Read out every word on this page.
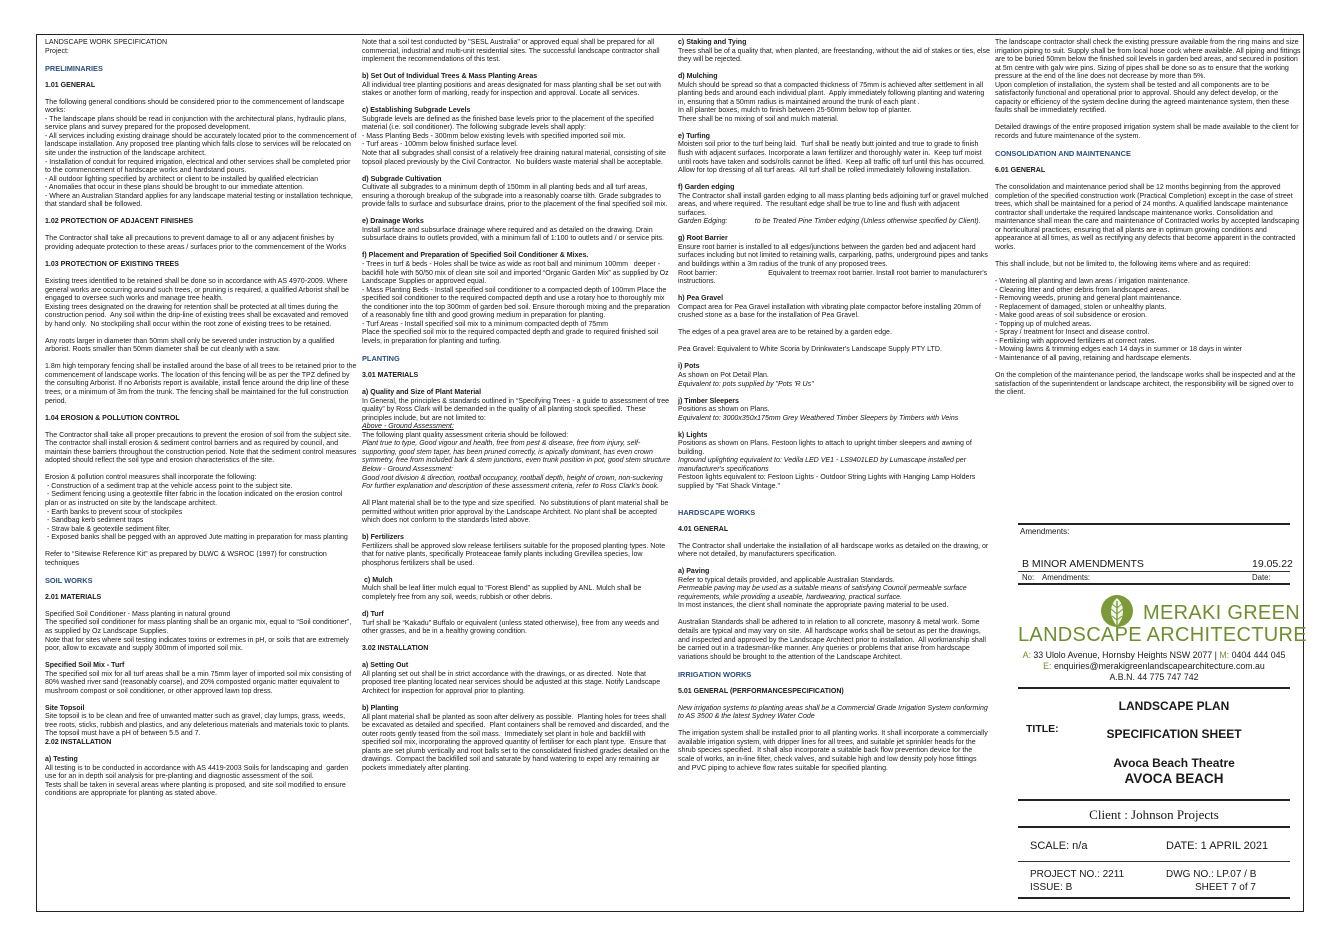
LANDSCAPE WORK SPECIFICATION

Project:

PRELIMINARIES

1.01 GENERAL

The following general conditions should be considered prior to the commencement of landscape works:

- The landscape plans should be read in conjunction with the architectural plans, hydraulic plans, service plans and survey prepared for the proposed development.

- All services including existing drainage should be accurately located prior to the commencement of landscape installation. Any proposed tree planting which falls close to services will be relocated on site under the instruction of the landscape architect.

- Installation of conduit for required irrigation, electrical and other services shall be completed prior to the commencement of hardscape works and hardstand pours.

- All outdoor lighting specified by architect or client to be installed by qualified electrician

- Anomalies that occur in these plans should be brought to our immediate attention.

- Where an Australian Standard applies for any landscape material testing or installation technique, that standard shall be followed.

1.02 PROTECTION OF ADJACENT FINISHES

The Contractor shall take all precautions to prevent damage to all or any adjacent finishes by providing adequate protection to these areas / surfaces prior to the commencement of the Works

1.03 PROTECTION OF EXISTING TREES

Existing trees identified to be retained shall be done so in accordance with AS 4970-2009. Where general works are occurring around such trees, or pruning is required, a qualified Arborist shall be engaged to oversee such works and manage tree health.

Existing trees designated on the drawing for retention shall be protected at all times during the construction period.  Any soil within the drip-line of existing trees shall be excavated and removed by hand only.  No stockpiling shall occur within the root zone of existing trees to be retained.

Any roots larger in diameter than 50mm shall only be severed under instruction by a qualified arborist. Roots smaller than 50mm diameter shall be cut cleanly with a saw.

1.8m high temporary fencing shall be installed around the base of all trees to be retained prior to the commencement of landscape works. The location of this fencing will be as per the TPZ defined by the consulting Arborist. If no Arborists report is available, install fence around the drip line of these trees, or a minimum of 3m from the trunk. The fencing shall be maintained for the full construction period.

1.04 EROSION & POLLUTION CONTROL

The Contractor shall take all proper precautions to prevent the erosion of soil from the subject site. The contractor shall install erosion & sediment control barriers and as required by council, and maintain these barriers throughout the construction period. Note that the sediment control measures adopted should reflect the soil type and erosion characteristics of the site.

Erosion & pollution control measures shall incorporate the following:

- Construction of a sediment trap at the vehicle access point to the subject site.

- Sediment fencing using a geotextile filter fabric in the location indicated on the erosion control plan or as instructed on site by the landscape architect.

- Earth banks to prevent scour of stockpiles

- Sandbag kerb sediment traps

- Straw bale & geotextile sediment filter.

- Exposed banks shall be pegged with an approved Jute matting in preparation for mass planting

Refer to “Sitewise Reference Kit” as prepared by DLWC & WSROC (1997) for construction techniques

SOIL WORKS

2.01 MATERIALS

Specified Soil Conditioner - Mass planting in natural ground

The specified soil conditioner for mass planting shall be an organic mix, equal to “Soil conditioner”, as supplied by Oz Landscape Supplies.

Note that for sites where soil testing indicates toxins or extremes in pH, or soils that are extremely poor, allow to excavate and supply 300mm of imported soil mix.

Specified Soil Mix - Turf

The specified soil mix for all turf areas shall be a min 75mm layer of imported soil mix consisting of 80% washed river sand (reasonably coarse), and 20% composted organic matter equivalent to mushroom compost or soil conditioner, or other approved lawn top dress.

Site Topsoil

Site topsoil is to be clean and free of unwanted matter such as gravel, clay lumps, grass, weeds, tree roots, sticks, rubbish and plastics, and any deleterious materials and materials toxic to plants. The topsoil must have a pH of between 5.5 and 7.

2.02 INSTALLATION

a) Testing

All testing is to be conducted in accordance with AS 4419-2003 Soils for landscaping and  garden use for an in depth soil analysis for pre-planting and diagnostic assessment of the soil.

Tests shall be taken in several areas where planting is proposed, and site soil modified to ensure conditions are appropriate for planting as stated above.

Note that a soil test conducted by "SESL Australia" or approved equal shall be prepared for all commercial, industrial and multi-unit residential sites. The successful landscape contractor shall implement the recommendations of this test.

b) Set Out of Individual Trees & Mass Planting Areas

All individual tree planting positions and areas designated for mass planting shall be set out with stakes or another form of marking, ready for inspection and approval. Locate all services.

c) Establishing Subgrade Levels

Subgrade levels are defined as the finished base levels prior to the placement of the specified material (i.e. soil conditioner). The following subgrade levels shall apply:

- Mass Planting Beds - 300mm below existing levels with specified imported soil mix.

- Turf areas - 100mm below finished surface level.

Note that all subgrades shall consist of a relatively free draining natural material, consisting of site topsoil placed previously by the Civil Contractor.  No builders waste material shall be acceptable.

d) Subgrade Cultivation

Cultivate all subgrades to a minimum depth of 150mm in all planting beds and all turf areas, ensuring a thorough breakup of the subgrade into a reasonably coarse tilth. Grade subgrades to provide falls to surface and subsurface drains, prior to the placement of the final specified soil mix.

e) Drainage Works

Install surface and subsurface drainage where required and as detailed on the drawing. Drain subsurface drains to outlets provided, with a minimum fall of 1:100 to outlets and / or service pits.

f) Placement and Preparation of Specified Soil Conditioner & Mixes.

- Trees in turf & beds - Holes shall be twice as wide as root ball and minimum 100mm   deeper - backfill hole with 50/50 mix of clean site soil and imported “Organic Garden Mix” as supplied by Oz Landscape Supplies or approved equal.

- Mass Planting Beds - Install specified soil conditioner to a compacted depth of 100mm Place the specified soil conditioner to the required compacted depth and use a rotary hoe to thoroughly mix the conditioner into the top 300mm of garden bed soil. Ensure thorough mixing and the preparation of a reasonably fine tilth and good growing medium in preparation for planting.

- Turf Areas - Install specified soil mix to a minimum compacted depth of 75mm

Place the specified soil mix to the required compacted depth and grade to required finished soil levels, in preparation for planting and turfing.

PLANTING

3.01 MATERIALS

a) Quality and Size of Plant Material

In General, the principles & standards outlined in “Specifying Trees - a guide to assessment of tree quality” by Ross Clark will be demanded in the quality of all planting stock specified.  These principles include, but are not limited to:

Above - Ground Assessment:

The following plant quality assessment criteria should be followed:

Plant true to type, Good vigour and health, free from pest & disease, free from injury, self-supporting, good stem taper, has been pruned correctly, is apically dominant, has even crown symmetry, free from included bark & stem junctions, even trunk position in pot, good stem structure Below - Ground Assessment:

Good root division & direction, rootball occupancy, rootball depth, height of crown, non-suckering For further explanation and description of these assessment criteria, refer to Ross Clark's book.

All Plant material shall be to the type and size specified.  No substitutions of plant material shall be permitted without written prior approval by the Landscape Architect. No plant shall be accepted which does not conform to the standards listed above.

b) Fertilizers

Fertilizers shall be approved slow release fertilisers suitable for the proposed planting types. Note that for native plants, specifically Proteaceae family plants including Grevillea species, low phosphorus fertilizers shall be used.

c) Mulch

Mulch shall be leaf litter mulch equal to “Forest Blend” as supplied by ANL. Mulch shall be completely free from any soil, weeds, rubbish or other debris.

d) Turf

Turf shall be “Kakadu” Buffalo or equivalent (unless stated otherwise), free from any weeds and other grasses, and be in a healthy growing condition.

3.02 INSTALLATION

a) Setting Out

All planting set out shall be in strict accordance with the drawings, or as directed.  Note that proposed tree planting located near services should be adjusted at this stage. Notify Landscape Architect for inspection for approval prior to planting.

b) Planting

All plant material shall be planted as soon after delivery as possible.  Planting holes for trees shall be excavated as detailed and specified.  Plant containers shall be removed and discarded, and the outer roots gently teased from the soil mass.  Immediately set plant in hole and backfill with specified soil mix, incorporating the approved quantity of fertiliser for each plant type.  Ensure that plants are set plumb vertically and root balls set to the consolidated finished grades detailed on the drawings.  Compact the backfilled soil and saturate by hand watering to expel any remaining air pockets immediately after planting.

c) Staking and Tying

Trees shall be of a quality that, when planted, are freestanding, without the aid of stakes or ties, else they will be rejected.

d) Mulching

Mulch should be spread so that a compacted thickness of 75mm is achieved after settlement in all planting beds and around each individual plant.  Apply immediately following planting and watering in, ensuring that a 50mm radius is maintained around the trunk of each plant .

In all planter boxes, mulch to finish between 25-50mm below top of planter.

There shall be no mixing of soil and mulch material.

e) Turfing

Moisten soil prior to the turf being laid.  Turf shall be neatly butt jointed and true to grade to finish flush with adjacent surfaces. Incorporate a lawn fertilizer and thoroughly water in.  Keep turf moist until roots have taken and sods/rolls cannot be lifted.  Keep all traffic off turf until this has occurred.  Allow for top dressing of all turf areas.  All turf shall be rolled immediately following installation.

f) Garden edging

The Contractor shall install garden edging to all mass planting beds adjoining turf or gravel mulched areas, and where required.  The resultant edge shall be true to line and flush with adjacent surfaces.

Garden Edging:              to be Treated Pine Timber edging (Unless otherwise specified by Client).

g) Root Barrier

Ensure root barrier is installed to all edges/junctions between the garden bed and adjacent hard surfaces including but not limited to retaining walls, carparking, paths, underground pipes and tanks and buildings within a 3m radius of the trunk of any proposed trees.

Root barrier:                          Equivalent to treemax root barrier. Install root barrier to manufacturer's instructions.

h) Pea Gravel

Compact area for Pea Gravel installation with vibrating plate compactor before installing 20mm of crushed stone as a base for the installation of Pea Gravel.

The edges of a pea gravel area are to be retained by a garden edge.

Pea Gravel: Equivalent to White Scoria by Drinkwater's Landscape Supply PTY LTD.

i) Pots

As shown on Pot Detail Plan.

Equivalent to: pots supplied by "Pots 'R Us"

j) Timber Sleepers

Positions as shown on Plans.

Equivalent to: 3000x350x175mm Grey Weathered Timber Sleepers by Timbers with Veins

k) Lights

Positions as shown on Plans. Festoon lights to attach to upright timber sleepers and awning of building.

Inground uplighting equivalent to: Vedila LED VE1 - LS9401LED by Lumascape installed per manufacturer's specifications

Festoon lights equivalent to: Festoon Lights - Outdoor String Lights with Hanging Lamp Holders supplied by "Fat Shack Vintage."

HARDSCAPE WORKS

4.01 GENERAL

The Contractor shall undertake the installation of all hardscape works as detailed on the drawing, or where not detailed, by manufacturers specification.

a) Paving

Refer to typical details provided, and applicable Australian Standards.

Permeable paving may be used as a suitable means of satisfying Council permeable surface requirements, while providing a useable, hardwearing, practical surface.

In most instances, the client shall nominate the appropriate paving material to be used.

Australian Standards shall be adhered to in relation to all concrete, masonry & metal work. Some details are typical and may vary on site.  All hardscape works shall be setout as per the drawings, and inspected and approved by the Landscape Architect prior to installation.  All workmanship shall be carried out in a tradesman-like manner. Any queries or problems that arise from hardscape variations should be brought to the attention of the Landscape Architect.

IRRIGATION WORKS

5.01 GENERAL (PERFORMANCESPECIFICATION)

New irrigation systems to planting areas shall be a Commercial Grade Irrigation System conforming to AS 3500 & the latest Sydney Water Code

The irrigation system shall be installed prior to all planting works. It shall incorporate a commercially available irrigation system, with dripper lines for all trees, and suitable jet sprinkler heads for the shrub species specified.  It shall also incorporate a suitable back flow prevention device for the scale of works, an in-line filter, check valves, and suitable high and low density poly hose fittings and PVC piping to achieve flow rates suitable for specified planting.

The landscape contractor shall check the existing pressure available from the ring mains and size irrigation piping to suit. Supply shall be from local hose cock where available. All piping and fittings are to be buried 50mm below the finished soil levels in garden bed areas, and secured in position at 5m centre with galv wire pins. Sizing of pipes shall be done so as to ensure that the working pressure at the end of the line does not decrease by more than 5%.

Upon completion of installation, the system shall be tested and all components are to be satisfactorily functional and operational prior to approval. Should any defect develop, or the capacity or efficiency of the system decline during the agreed maintenance system, then these faults shall be immediately rectified.

Detailed drawings of the entire proposed irrigation system shall be made available to the client for records and future maintenance of the system.

CONSOLIDATION AND MAINTENANCE

6.01 GENERAL

The consolidation and maintenance period shall be 12 months beginning from the approved completion of the specified construction work (Practical Completion) except in the case of street trees, which shall be maintained for a period of 24 months. A qualified landscape maintenance contractor shall undertake the required landscape maintenance works. Consolidation and maintenance shall mean the care and maintenance of Contracted works by accepted landscaping or horticultural practices, ensuring that all plants are in optimum growing conditions and appearance at all times, as well as rectifying any defects that become apparent in the contracted works.

This shall include, but not be limited to, the following items where and as required:

- Watering all planting and lawn areas / irrigation maintenance.

- Clearing litter and other debris from landscaped areas.

- Removing weeds, pruning and general plant maintenance.

- Replacement of damaged, stolen or unhealthy plants.

- Make good areas of soil subsidence or erosion.

- Topping up of mulched areas.

- Spray / treatment for Insect and disease control.

- Fertilizing with approved fertilizers at correct rates.

- Mowing lawns & trimming edges each 14 days in summer or 18 days in winter

- Maintenance of all paving, retaining and hardscape elements.

On the completion of the maintenance period, the landscape works shall be inspected and at the satisfaction of the superintendent or landscape architect, the responsibility will be signed over to the client.

Amendments:
B MINOR AMENDMENTS	19.05.22
No: Amendments:	Date:
MERAKI GREEN
LANDSCAPE ARCHITECTURE
A: 33 Ulolo Avenue, Hornsby Heights NSW 2077 | M: 0404 444 045
E: enquiries@merakigreenlandscapearchitecture.com.au
A.B.N. 44 775 747 742
TITLE:
LANDSCAPE PLAN
SPECIFICATION SHEET
Avoca Beach Theatre
AVOCA BEACH
Client : Johnson Projects
SCALE: n/a	DATE: 1 APRIL 2021
PROJECT NO.: 2211	DWG NO.: LP.07 / B
ISSUE: B	SHEET 7 of 7
